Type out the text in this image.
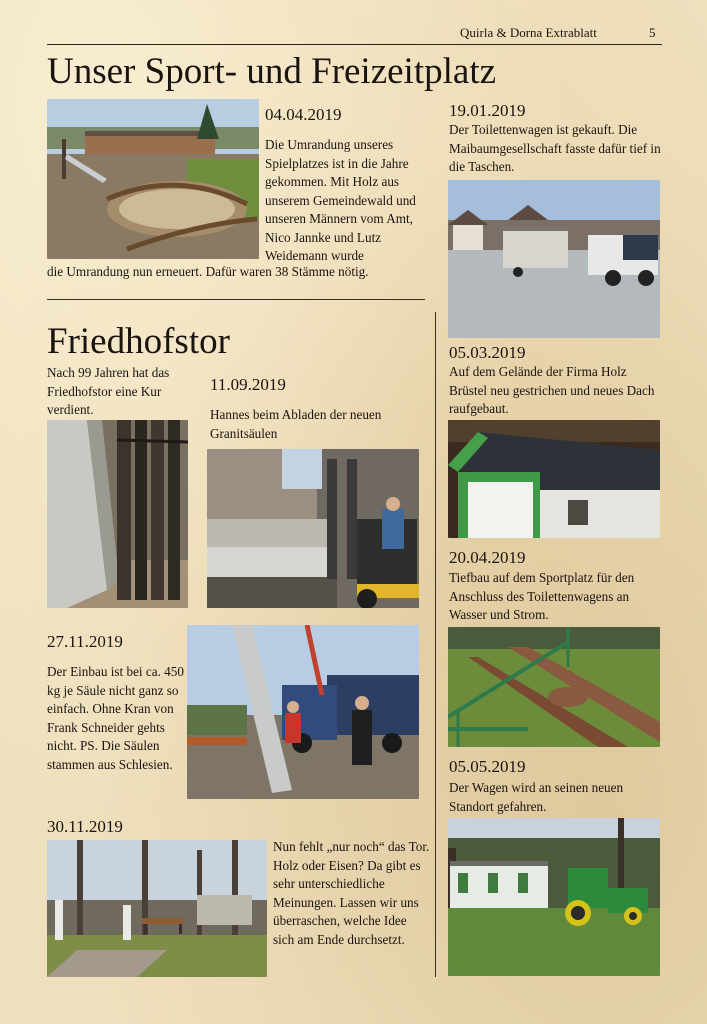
Quirla & Dorna Extrablatt	5
Unser Sport- und Freizeitplatz
04.04.2019

Die Umrandung unseres Spielplatzes ist in die Jahre gekommen. Mit Holz aus unserem Gemeindewald und unseren Männern vom Amt, Nico Jannke und Lutz Weidemann wurde

die Umrandung nun erneuert. Dafür waren 38 Stämme nötig.

Friedhofstor

Nach 99 Jahren hat das Friedhofstor eine Kur verdient.

11.09.2019

Hannes beim Abladen der neuen Granitsäulen

27.11.2019

Der Einbau ist bei ca. 450 kg je Säule nicht ganz so einfach. Ohne Kran von Frank Schneider gehts nicht. PS. Die Säulen stammen aus Schlesien.

30.11.2019

Nun fehlt „nur noch“ das Tor. Holz oder Eisen? Da gibt es sehr unterschiedliche Meinungen. Lassen wir uns überraschen, welche Idee sich am Ende durchsetzt.

19.01.2019

Der Toilettenwagen ist gekauft. Die Maibaumgesellschaft fasste dafür tief in die Taschen.

05.03.2019

Auf dem Gelände der Firma Holz Brüstel neu gestrichen und neues Dach raufgebaut.

20.04.2019

Tiefbau auf dem Sportplatz für den Anschluss des Toilettenwagens an Wasser und Strom.

05.05.2019

Der Wagen wird an seinen neuen Standort gefahren.
